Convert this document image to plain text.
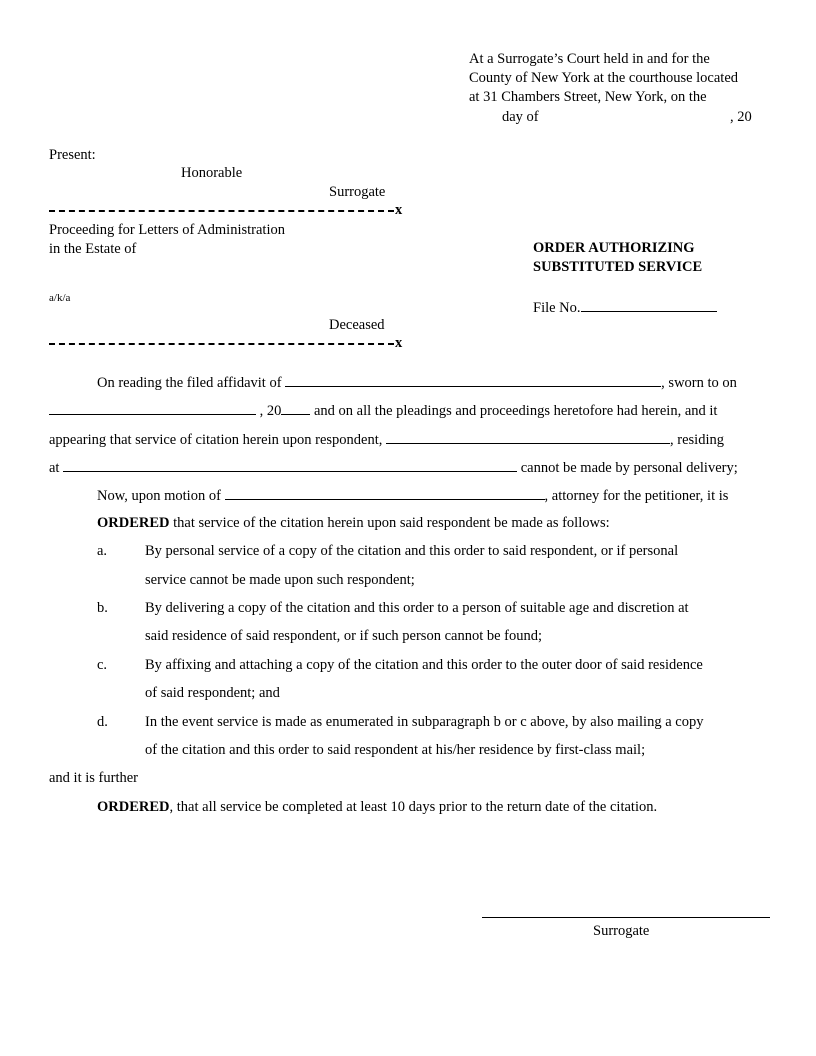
At a Surrogate’s Court held in and for the
County of New York at the courthouse located
at 31 Chambers Street, New York, on the
day of	, 20
Present:
Honorable
Surrogate
x
Proceeding for Letters of Administration
in the Estate of
a/k/a
Deceased
x
ORDER AUTHORIZING
SUBSTITUTED SERVICE
File No.
On reading the filed affidavit of	, sworn to on
, 20 and on all the pleadings and proceedings heretofore had herein, and it
appearing that service of citation herein upon respondent,	, residing
at	cannot be made by personal delivery;
Now, upon motion of	, attorney for the petitioner, it is
ORDERED that service of the citation herein upon said respondent be made as follows:
a.	By personal service of a copy of the citation and this order to said respondent, or if personal
service cannot be made upon such respondent;
b.	By delivering a copy of the citation and this order to a person of suitable age and discretion at
said residence of said respondent, or if such person cannot be found;
c.	By affixing and attaching a copy of the citation and this order to the outer door of said residence
of said respondent; and
d.	In the event service is made as enumerated in subparagraph b or c above, by also mailing a copy
of the citation and this order to said respondent at his/her residence by first-class mail;
and it is further
ORDERED, that all service be completed at least 10 days prior to the return date of the citation.
Surrogate
